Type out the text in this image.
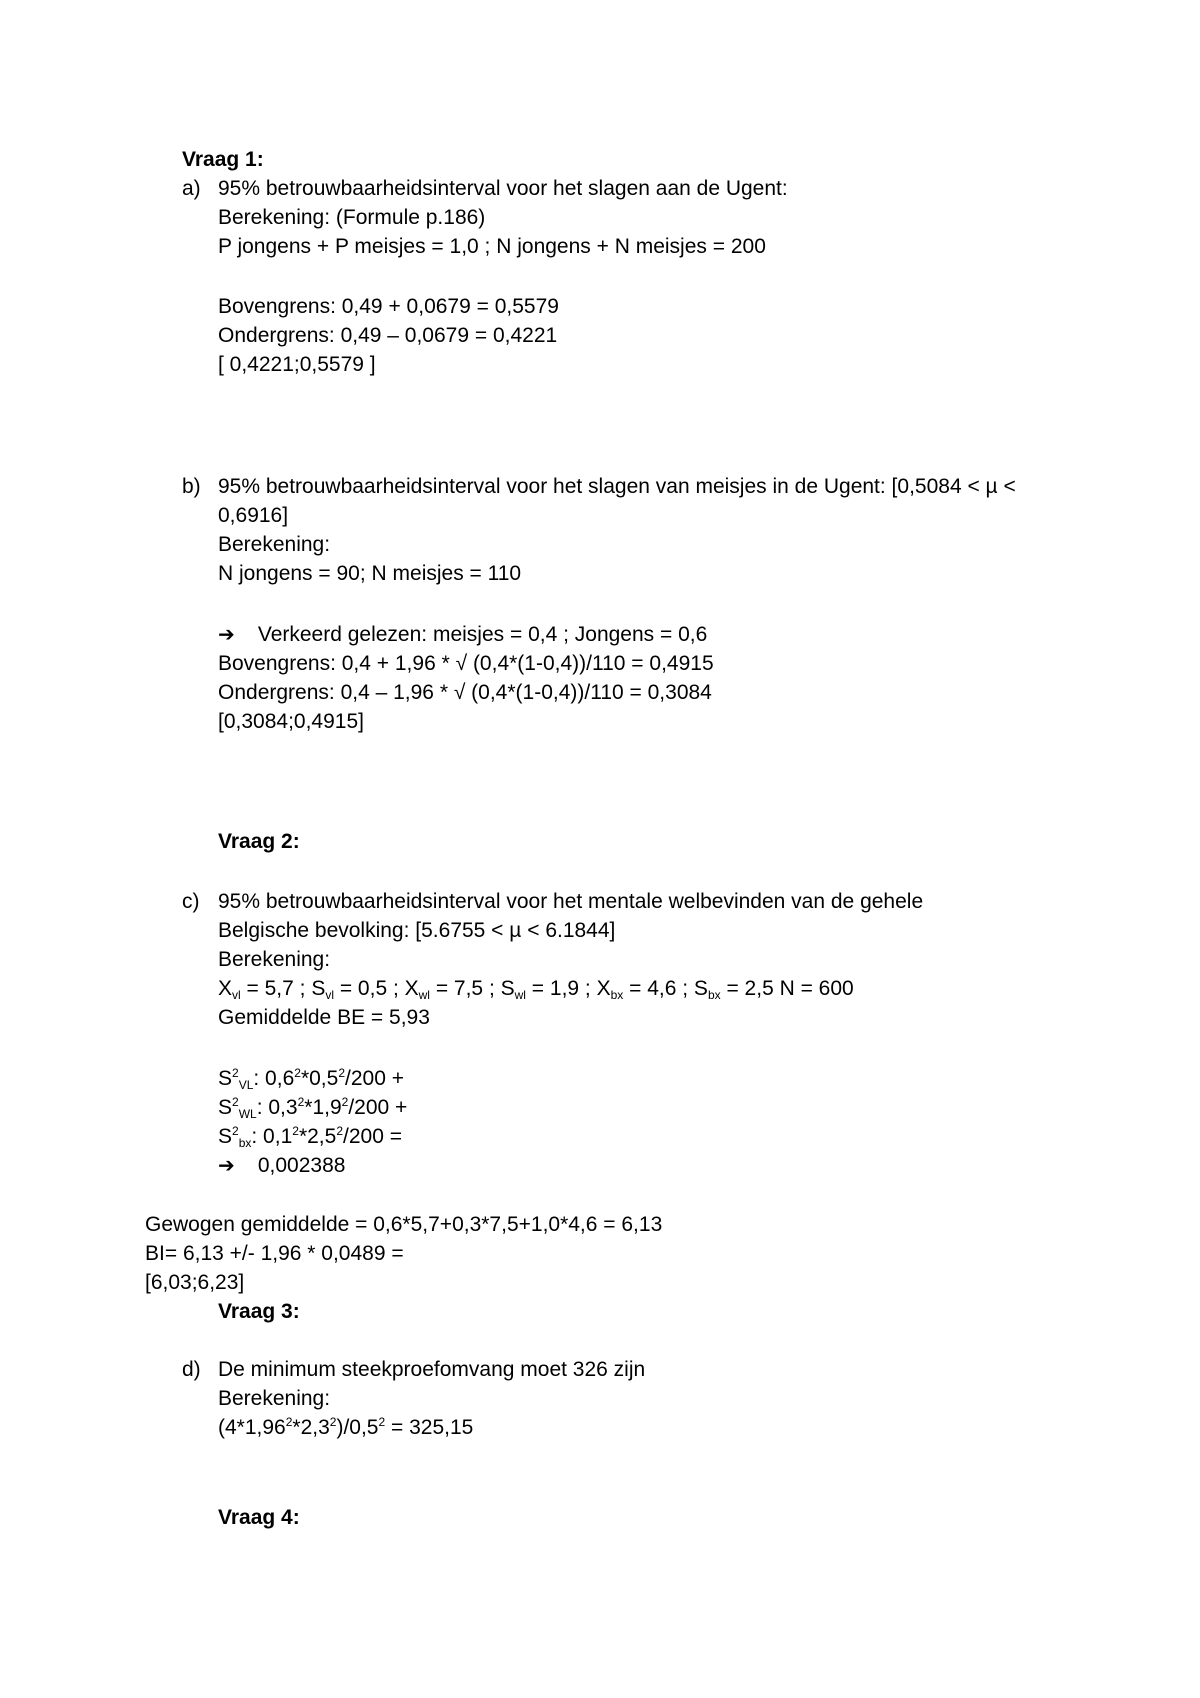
Vraag 1:
a) 95% betrouwbaarheidsinterval voor het slagen aan de Ugent:
Berekening: (Formule p.186)
P jongens + P meisjes = 1,0 ; N jongens + N meisjes = 200
Bovengrens: 0,49 + 0,0679 = 0,5579
Ondergrens: 0,49 – 0,0679 = 0,4221
[ 0,4221;0,5579 ]
b) 95% betrouwbaarheidsinterval voor het slagen van meisjes in de Ugent: [0,5084 < µ <
0,6916]
Berekening:
N jongens = 90; N meisjes = 110
➔ Verkeerd gelezen: meisjes = 0,4 ; Jongens = 0,6
Bovengrens: 0,4 + 1,96 * √ (0,4*(1-0,4))/110 = 0,4915
Ondergrens: 0,4 – 1,96 * √ (0,4*(1-0,4))/110 = 0,3084
[0,3084;0,4915]
Vraag 2:
c) 95% betrouwbaarheidsinterval voor het mentale welbevinden van de gehele
Belgische bevolking: [5.6755 < µ < 6.1844]
Berekening:
$X_{vl} = 5,7$ ; $S_{vl} = 0,5$ ; $X_{wl} = 7,5$ ; $S_{wl} = 1,9$ ; $X_{bx} = 4,6$ ; $S_{bx} = 2,5$ N = 600
Gemiddelde BE = 5,93
$S^2_{VL}$: $0,6^2*0,5^2/200$ +
$S^2_{WL}$: $0,3^2*1,9^2/200$ +
$S^2_{bx}$: $0,1^2*2,5^2/200$ =
➔ 0,002388
Gewogen gemiddelde = 0,6*5,7+0,3*7,5+1,0*4,6 = 6,13
BI= 6,13 +/- 1,96 * 0,0489 =
[6,03;6,23]
Vraag 3:
d) De minimum steekproefomvang moet 326 zijn
Berekening:
$(4*1,96^2*2,3^2)/0,5^2 = 325,15$
Vraag 4:
